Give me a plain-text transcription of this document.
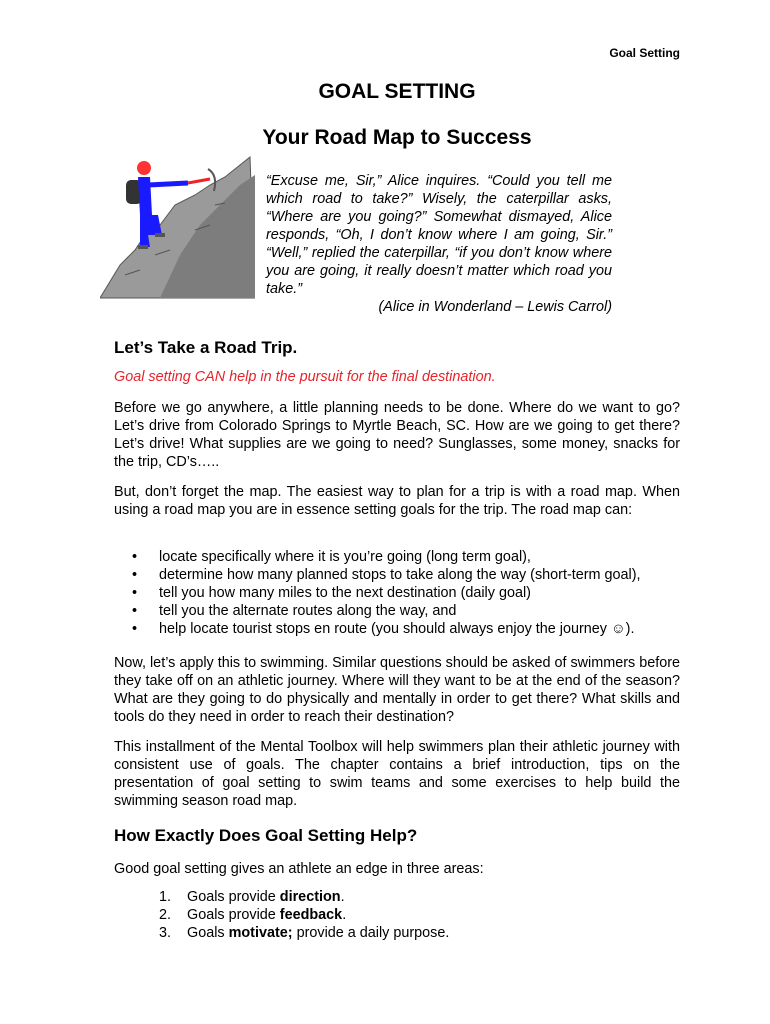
Goal Setting
GOAL SETTING
Your Road Map to Success
“Excuse me, Sir,” Alice inquires. “Could you tell me which road to take?” Wisely, the caterpillar asks, “Where are you going?” Somewhat dismayed, Alice responds, “Oh, I don’t know where I am going, Sir.” “Well,” replied the caterpillar, “if you don’t know where you are going, it really doesn’t matter which road you take.”
(Alice in Wonderland – Lewis Carrol)
Let’s Take a Road Trip.
Goal setting CAN help in the pursuit for the final destination.
Before we go anywhere, a little planning needs to be done. Where do we want to go? Let’s drive from Colorado Springs to Myrtle Beach, SC. How are we going to get there? Let’s drive! What supplies are we going to need? Sunglasses, some money, snacks for the trip, CD’s…..
But, don’t forget the map. The easiest way to plan for a trip is with a road map. When using a road map you are in essence setting goals for the trip. The road map can:
• locate specifically where it is you’re going (long term goal),
• determine how many planned stops to take along the way (short-term goal),
• tell you how many miles to the next destination (daily goal)
• tell you the alternate routes along the way, and
• help locate tourist stops en route (you should always enjoy the journey ☺).
Now, let’s apply this to swimming. Similar questions should be asked of swimmers before they take off on an athletic journey. Where will they want to be at the end of the season? What are they going to do physically and mentally in order to get there? What skills and tools do they need in order to reach their destination?
This installment of the Mental Toolbox will help swimmers plan their athletic journey with consistent use of goals. The chapter contains a brief introduction, tips on the presentation of goal setting to swim teams and some exercises to help build the swimming season road map.
How Exactly Does Goal Setting Help?
Good goal setting gives an athlete an edge in three areas:
1. Goals provide direction.
2. Goals provide feedback.
3. Goals motivate; provide a daily purpose.
